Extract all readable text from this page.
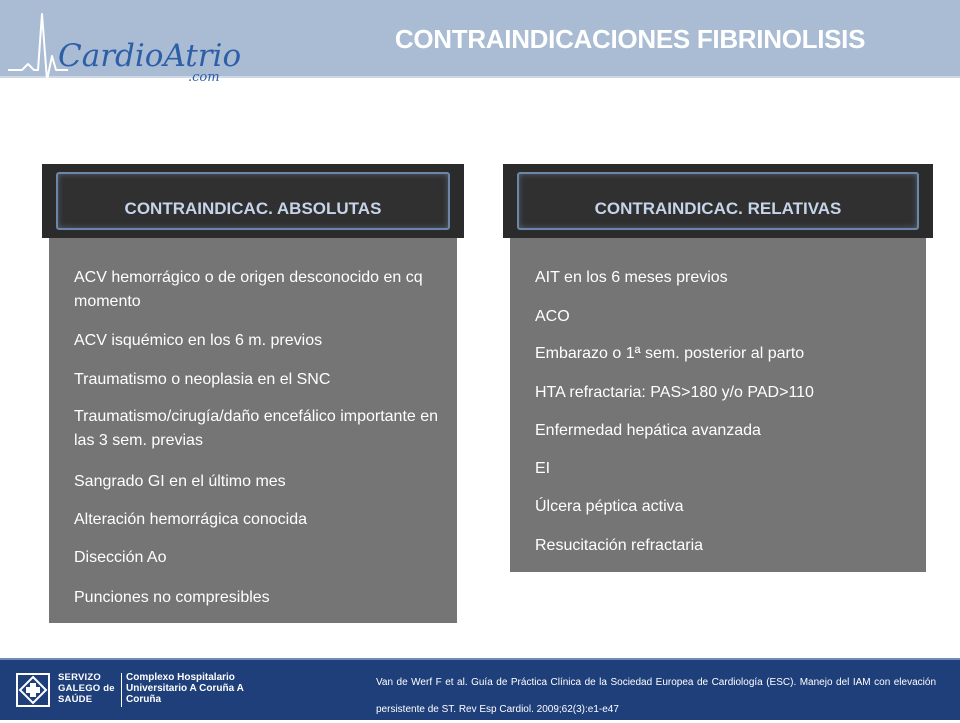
CardioAtrio
.com
CONTRAINDICACIONES FIBRINOLISIS
CONTRAINDICAC. ABSOLUTAS
ACV hemorrágico o de origen desconocido en cq momento
ACV isquémico en los 6 m. previos
Traumatismo o neoplasia en el SNC
Traumatismo/cirugía/daño encefálico importante en las 3 sem. previas
Sangrado GI en el último mes
Alteración hemorrágica conocida
Disección Ao
Punciones no compresibles
CONTRAINDICAC. RELATIVAS
AIT en los 6 meses previos
ACO
Embarazo o 1ª sem. posterior al parto
HTA refractaria: PAS>180 y/o PAD>110
Enfermedad hepática avanzada
EI
Úlcera péptica activa
Resucitación refractaria
SERVIZO GALEGO de SAÚDE
Complexo Hospitalario Universitario A Coruña A Coruña
Van de Werf F et al. Guía de Práctica Clínica de la Sociedad Europea de Cardiología (ESC). Manejo del IAM con elevación persistente de ST. Rev Esp Cardiol. 2009;62(3):e1-e47
